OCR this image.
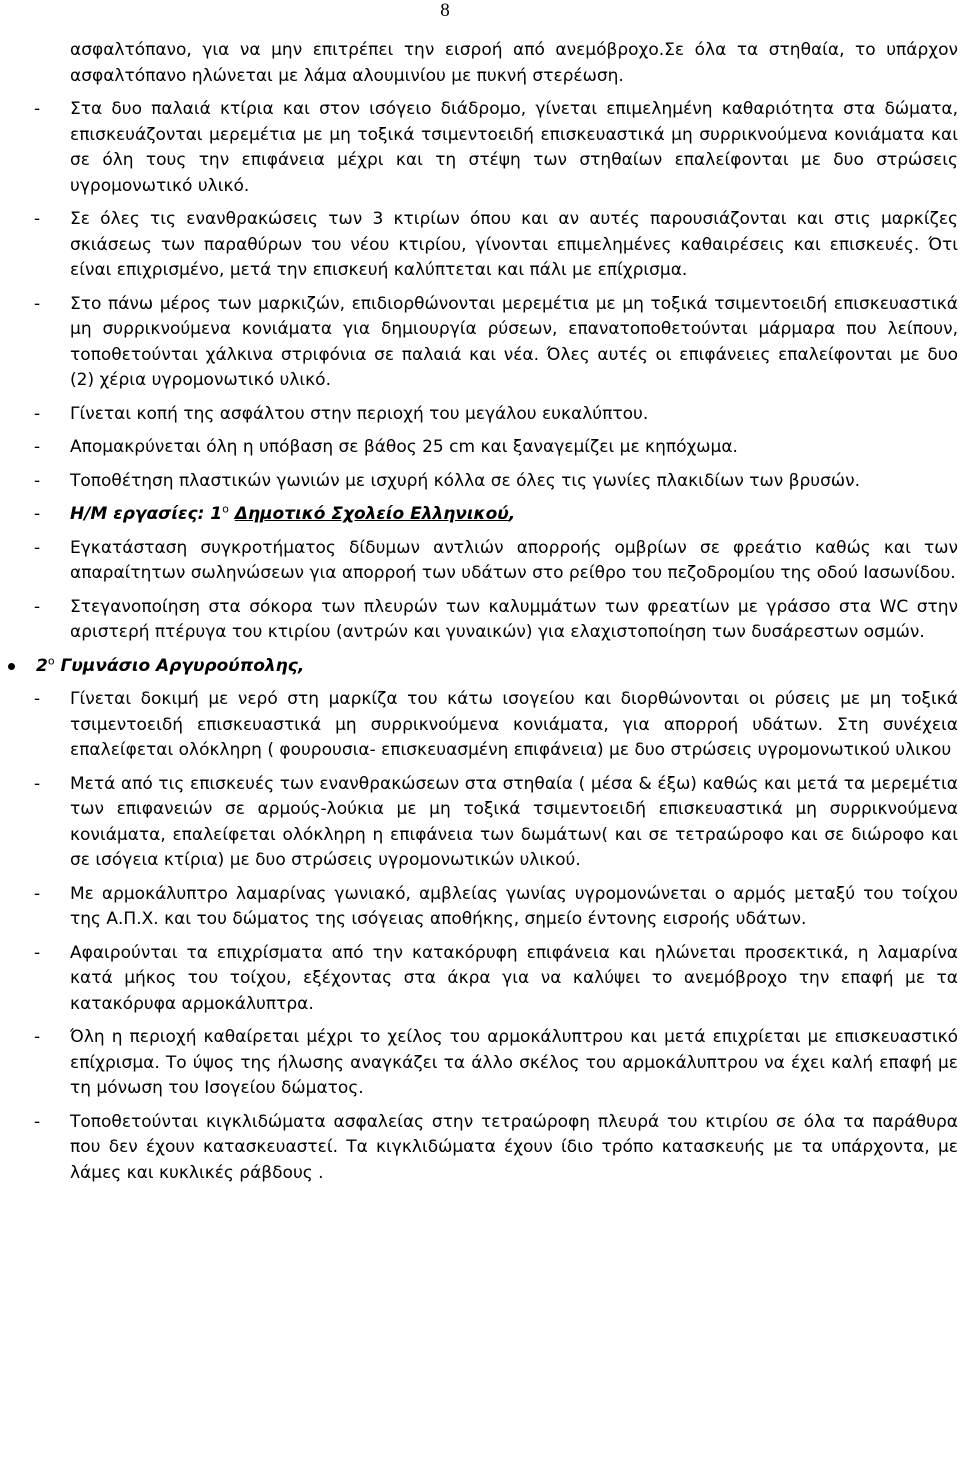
8

ασφαλτόπανο, για να μην επιτρέπει την εισροή από ανεμόβροχο.Σε όλα τα στηθαία, το υπάρχον ασφαλτόπανο ηλώνεται με λάμα αλουμινίου με πυκνή στερέωση.

- Στα δυο παλαιά κτίρια και στον ισόγειο διάδρομο, γίνεται επιμελημένη καθαριότητα στα δώματα, επισκευάζονται μερεμέτια με μη τοξικά τσιμεντοειδή επισκευαστικά μη συρρικνούμενα κονιάματα και σε όλη τους την επιφάνεια μέχρι και τη στέψη των στηθαίων επαλείφονται με δυο στρώσεις υγρομονωτικό υλικό.

- Σε όλες τις ενανθρακώσεις των 3 κτιρίων όπου και αν αυτές παρουσιάζονται και στις μαρκίζες σκιάσεως των παραθύρων του νέου κτιρίου, γίνονται επιμελημένες καθαιρέσεις και επισκευές. Ότι είναι επιχρισμένο, μετά την επισκευή καλύπτεται και πάλι με επίχρισμα.

- Στο πάνω μέρος των μαρκιζών, επιδιορθώνονται μερεμέτια με μη τοξικά τσιμεντοειδή επισκευαστικά μη συρρικνούμενα κονιάματα για δημιουργία ρύσεων, επανατοποθετούνται μάρμαρα που λείπουν, τοποθετούνται χάλκινα στριφόνια σε παλαιά και νέα. Όλες αυτές οι επιφάνειες επαλείφονται με δυο (2) χέρια υγρομονωτικό υλικό.

- Γίνεται κοπή της ασφάλτου στην περιοχή του μεγάλου ευκαλύπτου.

- Απομακρύνεται όλη η υπόβαση σε βάθος 25 cm και ξαναγεμίζει με κηπόχωμα.

- Τοποθέτηση πλαστικών γωνιών με ισχυρή κόλλα σε όλες τις γωνίες πλακιδίων των βρυσών.

- Η/Μ εργασίες: $1^o$ Δημοτικό Σχολείο Ελληνικού,

- Εγκατάσταση συγκροτήματος δίδυμων αντλιών απορροής ομβρίων σε φρεάτιο καθώς και των απαραίτητων σωληνώσεων για απορροή των υδάτων στο ρείθρο του πεζοδρομίου της οδού Ιασωνίδου.

- Στεγανοποίηση στα σόκορα των πλευρών των καλυμμάτων των φρεατίων με γράσσο στα WC στην αριστερή πτέρυγα του κτιρίου (αντρών και γυναικών) για ελαχιστοποίηση των δυσάρεστων οσμών.

$2^o$ Γυμνάσιο Αργυρούπολης,

- Γίνεται δοκιμή με νερό στη μαρκίζα του κάτω ισογείου και διορθώνονται οι ρύσεις με μη τοξικά τσιμεντοειδή επισκευαστικά μη συρρικνούμενα κονιάματα, για απορροή υδάτων. Στη συνέχεια επαλείφεται ολόκληρη ( φουρουσια- επισκευασμένη επιφάνεια) με δυο στρώσεις υγρομονωτικού υλικου

- Μετά από τις επισκευές των ενανθρακώσεων στα στηθαία ( μέσα & έξω) καθώς και μετά τα μερεμέτια των επιφανειών σε αρμούς-λούκια με μη τοξικά τσιμεντοειδή επισκευαστικά μη συρρικνούμενα κονιάματα, επαλείφεται ολόκληρη η επιφάνεια των δωμάτων( και σε τετραώροφο και σε διώροφο και σε ισόγεια κτίρια) με δυο στρώσεις υγρομονωτικών υλικού.

- Με αρμοκάλυπτρο λαμαρίνας γωνιακό, αμβλείας γωνίας υγρομονώνεται ο αρμός μεταξύ του τοίχου της Α.Π.Χ. και του δώματος της ισόγειας αποθήκης, σημείο έντονης εισροής υδάτων.

- Αφαιρούνται τα επιχρίσματα από την κατακόρυφη επιφάνεια και ηλώνεται προσεκτικά, η λαμαρίνα κατά μήκος του τοίχου, εξέχοντας στα άκρα για να καλύψει το ανεμόβροχο την επαφή με τα κατακόρυφα αρμοκάλυπτρα.

- Όλη η περιοχή καθαίρεται μέχρι το χείλος του αρμοκάλυπτρου και μετά επιχρίεται με επισκευαστικό επίχρισμα. Το ύψος της ήλωσης αναγκάζει τα άλλο σκέλος του αρμοκάλυπτρου να έχει καλή επαφή με τη μόνωση του Ισογείου δώματος.

- Τοποθετούνται κιγκλιδώματα ασφαλείας στην τετραώροφη πλευρά του κτιρίου σε όλα τα παράθυρα που δεν έχουν κατασκευαστεί. Τα κιγκλιδώματα έχουν ίδιο τρόπο κατασκευής με τα υπάρχοντα, με λάμες και κυκλικές ράβδους .
